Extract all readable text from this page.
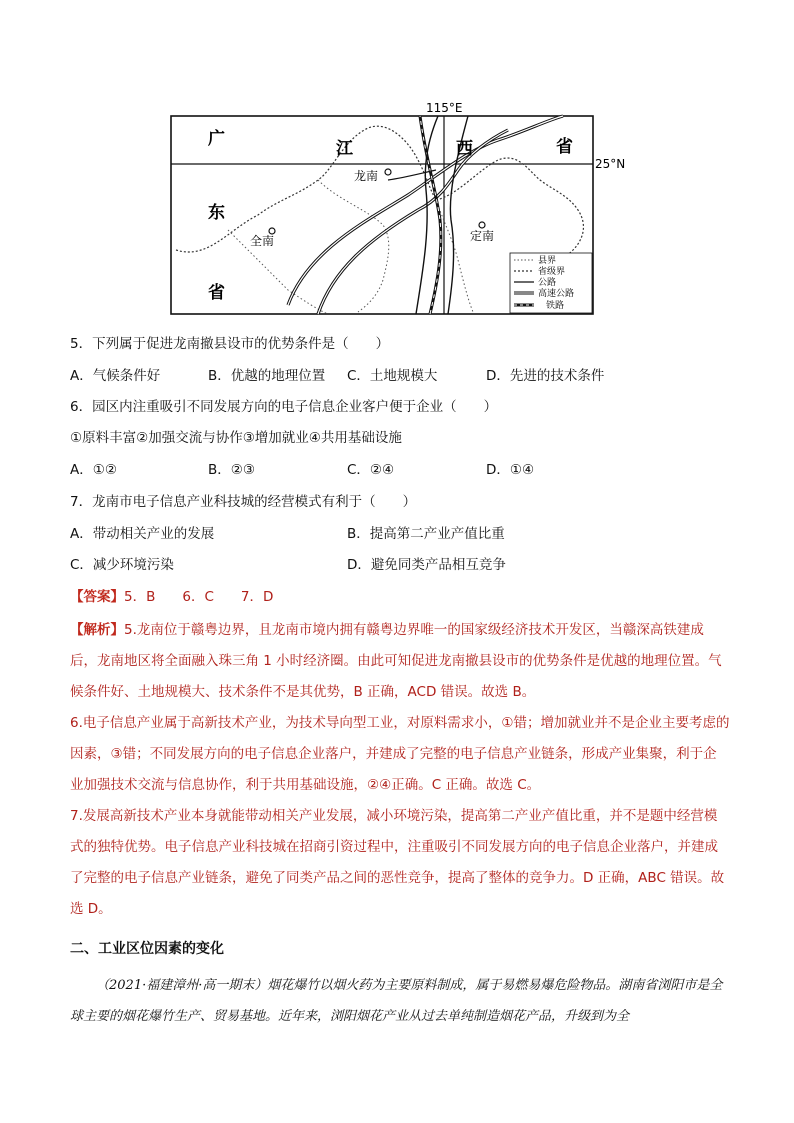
广
东
省
江	西	省
龙南
全南	定南
115°E
25°N
县界
省级界
公路
高速公路
铁路
5．下列属于促进龙南撤县设市的优势条件是（　　）
A．气候条件好	B．优越的地理位置 C．土地规模大	D．先进的技术条件
6．园区内注重吸引不同发展方向的电子信息企业客户便于企业（　　）
①原料丰富②加强交流与协作③增加就业④共用基础设施
A．①②	B．②③	C．②④	D．①④
7．龙南市电子信息产业科技城的经营模式有利于（　　）
A．带动相关产业的发展	B．提高第二产业产值比重
C．减少环境污染	D．避免同类产品相互竞争
【答案】5．B　　6．C　　7．D

【解析】5.龙南位于赣粤边界，且龙南市境内拥有赣粤边界唯一的国家级经济技术开发区，当赣深高铁建成后，龙南地区将全面融入珠三角 1 小时经济圈。由此可知促进龙南撤县设市的优势条件是优越的地理位置。气候条件好、土地规模大、技术条件不是其优势，B 正确，ACD 错误。故选 B。

6.电子信息产业属于高新技术产业，为技术导向型工业，对原料需求小，①错；增加就业并不是企业主要考虑的因素，③错；不同发展方向的电子信息企业落户，并建成了完整的电子信息产业链条，形成产业集聚，利于企业加强技术交流与信息协作，利于共用基础设施，②④正确。C 正确。故选 C。

7.发展高新技术产业本身就能带动相关产业发展，减小环境污染，提高第二产业产值比重，并不是题中经营模式的独特优势。电子信息产业科技城在招商引资过程中，注重吸引不同发展方向的电子信息企业落户，并建成了完整的电子信息产业链条，避免了同类产品之间的恶性竞争，提高了整体的竞争力。D 正确，ABC 错误。故选 D。

二、工业区位因素的变化
（2021·福建漳州·高一期末）烟花爆竹以烟火药为主要原料制成，属于易燃易爆危险物品。湖南省浏阳市是全球主要的烟花爆竹生产、贸易基地。近年来，浏阳烟花产业从过去单纯制造烟花产品，升级到为全
